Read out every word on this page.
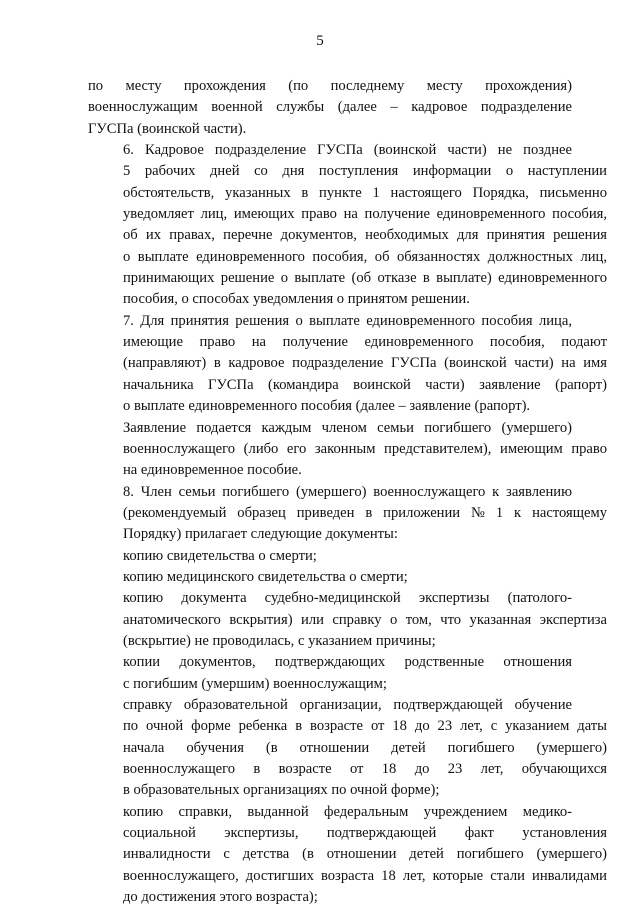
5

по месту прохождения (по последнему месту прохождения)
военнослужащим военной службы (далее – кадровое подразделение
ГУСПа (воинской части).

6. Кадровое подразделение ГУСПа (воинской части) не позднее
5 рабочих дней со дня поступления информации о наступлении
обстоятельств, указанных в пункте 1 настоящего Порядка, письменно
уведомляет лиц, имеющих право на получение единовременного пособия,
об их правах, перечне документов, необходимых для принятия решения
о выплате единовременного пособия, об обязанностях должностных лиц,
принимающих решение о выплате (об отказе в выплате) единовременного
пособия, о способах уведомления о принятом решении.

7. Для принятия решения о выплате единовременного пособия лица,
имеющие право на получение единовременного пособия, подают
(направляют) в кадровое подразделение ГУСПа (воинской части) на имя
начальника ГУСПа (командира воинской части) заявление (рапорт)
о выплате единовременного пособия (далее – заявление (рапорт).

Заявление подается каждым членом семьи погибшего (умершего)
военнослужащего (либо его законным представителем), имеющим право
на единовременное пособие.

8. Член семьи погибшего (умершего) военнослужащего к заявлению
(рекомендуемый образец приведен в приложении № 1 к настоящему
Порядку) прилагает следующие документы:

копию свидетельства о смерти;

копию медицинского свидетельства о смерти;

копию документа судебно-медицинской экспертизы (патолого-
анатомического вскрытия) или справку о том, что указанная экспертиза
(вскрытие) не проводилась, с указанием причины;

копии документов, подтверждающих родственные отношения
с погибшим (умершим) военнослужащим;

справку образовательной организации, подтверждающей обучение
по очной форме ребенка в возрасте от 18 до 23 лет, с указанием даты
начала обучения (в отношении детей погибшего (умершего)
военнослужащего в возрасте от 18 до 23 лет, обучающихся
в образовательных организациях по очной форме);

копию справки, выданной федеральным учреждением медико-
социальной экспертизы, подтверждающей факт установления
инвалидности с детства (в отношении детей погибшего (умершего)
военнослужащего, достигших возраста 18 лет, которые стали инвалидами
до достижения этого возраста);
